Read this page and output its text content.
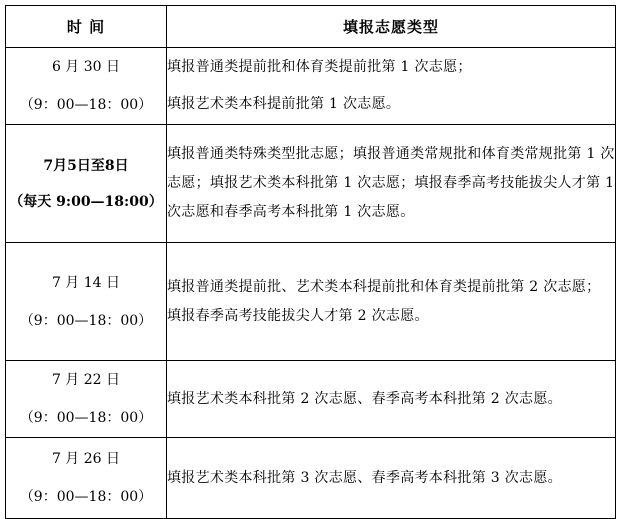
时 间	填报志愿类型

6 月 30 日
（9：00—18：00）	填报普通类提前批和体育类提前批第 1 次志愿；
填报艺术类本科提前批第 1 次志愿。

7月5日至8日
（每天 9:00—18:00）	填报普通类特殊类型批志愿；填报普通类常规批和体育类常规批第 1 次志愿；填报艺术类本科批第 1 次志愿；填报春季高考技能拔尖人才第 1 次志愿和春季高考本科批第 1 次志愿。

7 月 14 日
（9：00—18：00）	填报普通类提前批、艺术类本科提前批和体育类提前批第 2 次志愿；
填报春季高考技能拔尖人才第 2 次志愿。

7 月 22 日
（9：00—18：00）	填报艺术类本科批第 2 次志愿、春季高考本科批第 2 次志愿。

7 月 26 日
（9：00—18：00）	填报艺术类本科批第 3 次志愿、春季高考本科批第 3 次志愿。
